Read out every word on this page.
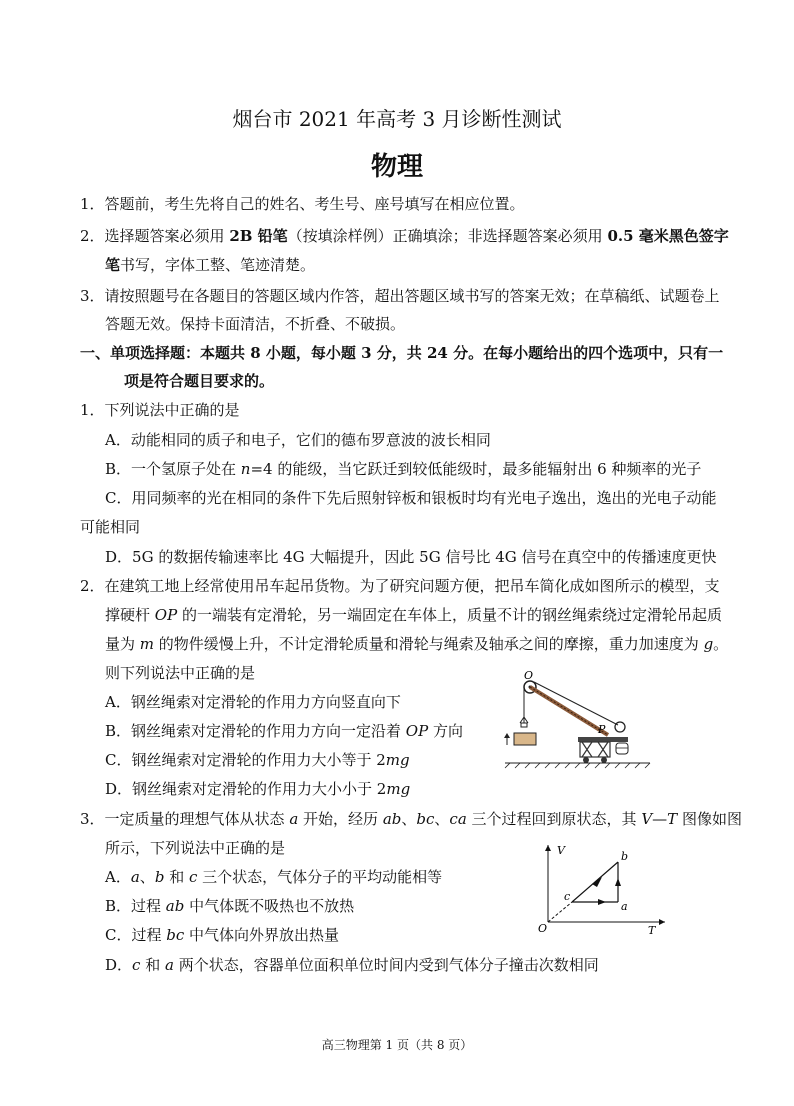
烟台市 2021 年高考 3 月诊断性测试
物理
1．答题前，考生先将自己的姓名、考生号、座号填写在相应位置。
2．选择题答案必须用 2B 铅笔（按填涂样例）正确填涂；非选择题答案必须用 0.5 毫米黑色签字
笔书写，字体工整、笔迹清楚。
3．请按照题号在各题目的答题区域内作答，超出答题区域书写的答案无效；在草稿纸、试题卷上
答题无效。保持卡面清洁，不折叠、不破损。
一、单项选择题：本题共 8 小题，每小题 3 分，共 24 分。在每小题给出的四个选项中，只有一
项是符合题目要求的。
1．下列说法中正确的是
A．动能相同的质子和电子，它们的德布罗意波的波长相同
B．一个氢原子处在 n=4 的能级，当它跃迁到较低能级时，最多能辐射出 6 种频率的光子
C．用同频率的光在相同的条件下先后照射锌板和银板时均有光电子逸出，逸出的光电子动能
可能相同
D．5G 的数据传输速率比 4G 大幅提升，因此 5G 信号比 4G 信号在真空中的传播速度更快
2．在建筑工地上经常使用吊车起吊货物。为了研究问题方便，把吊车简化成如图所示的模型，支
撑硬杆 OP 的一端装有定滑轮，另一端固定在车体上，质量不计的钢丝绳索绕过定滑轮吊起质
量为 m 的物件缓慢上升，不计定滑轮质量和滑轮与绳索及轴承之间的摩擦，重力加速度为 g。
则下列说法中正确的是
A．钢丝绳索对定滑轮的作用力方向竖直向下
B．钢丝绳索对定滑轮的作用力方向一定沿着 OP 方向
C．钢丝绳索对定滑轮的作用力大小等于 2mg
D．钢丝绳索对定滑轮的作用力大小小于 2mg
O
P
3．一定质量的理想气体从状态 a 开始，经历 ab、bc、ca 三个过程回到原状态，其 V—T 图像如图
所示，下列说法中正确的是
A．a、b 和 c 三个状态，气体分子的平均动能相等
B．过程 ab 中气体既不吸热也不放热
C．过程 bc 中气体向外界放出热量
D．c 和 a 两个状态，容器单位面积单位时间内受到气体分子撞击次数相同
V
T
O
b
a
c
高三物理第 1 页（共 8 页）
